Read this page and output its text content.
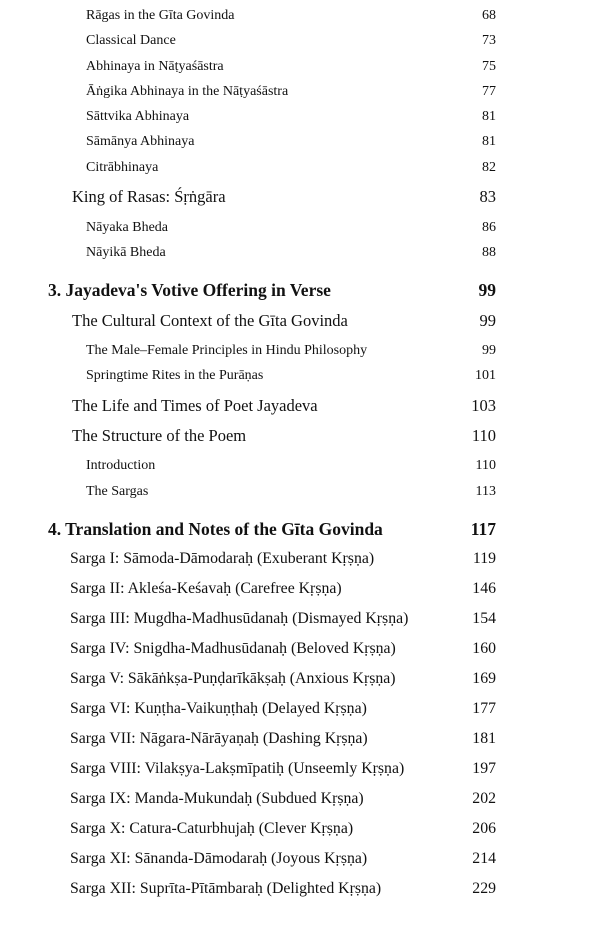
Rāgas in the Gīta Govinda	68
Classical Dance	73
Abhinaya in Nāṭyaśāstra	75
Āṅgika Abhinaya in the Nāṭyaśāstra	77
Sāttvika Abhinaya	81
Sāmānya Abhinaya	81
Citrābhinaya	82
King of Rasas: Śṛṅgāra	83
Nāyaka Bheda	86
Nāyikā Bheda	88
3. Jayadeva's Votive Offering in Verse	99
The Cultural Context of the Gīta Govinda	99
The Male–Female Principles in Hindu Philosophy	99
Springtime Rites in the Purāṇas	101
The Life and Times of Poet Jayadeva	103
The Structure of the Poem	110
Introduction	110
The Sargas	113
4. Translation and Notes of the Gīta Govinda	117
Sarga I: Sāmoda-Dāmodaraḥ (Exuberant Kṛṣṇa)	119
Sarga II: Akleśa-Keśavaḥ (Carefree Kṛṣṇa)	146
Sarga III: Mugdha-Madhusūdanaḥ (Dismayed Kṛṣṇa)	154
Sarga IV: Snigdha-Madhusūdanaḥ (Beloved Kṛṣṇa)	160
Sarga V: Sākāṅkṣa-Puṇḍarīkākṣaḥ (Anxious Kṛṣṇa)	169
Sarga VI: Kuṇṭha-Vaikuṇṭhaḥ (Delayed Kṛṣṇa)	177
Sarga VII: Nāgara-Nārāyaṇaḥ (Dashing Kṛṣṇa)	181
Sarga VIII: Vilakṣya-Lakṣmīpatiḥ (Unseemly Kṛṣṇa)	197
Sarga IX: Manda-Mukundaḥ (Subdued Kṛṣṇa)	202
Sarga X: Catura-Caturbhujaḥ (Clever Kṛṣṇa)	206
Sarga XI: Sānanda-Dāmodaraḥ (Joyous Kṛṣṇa)	214
Sarga XII: Suprīta-Pītāmbaraḥ (Delighted Kṛṣṇa)	229
